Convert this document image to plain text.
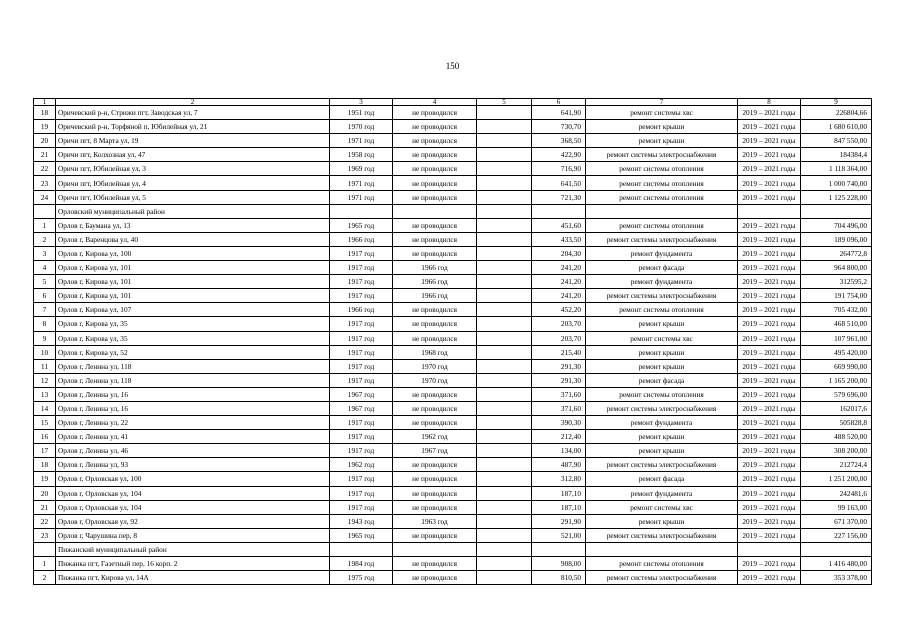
150
1	2	3	4	5	6	7	8	9
18	Оричевский р-н, Стрижи пгт, Заводская ул, 7	1951 год	не проводился		641,90	ремонт системы хвс	2019 – 2021 годы	226804,66
19	Оричевский р-н, Торфяной п, Юбилейная ул, 21	1970 год	не проводился		730,70	ремонт крыши	2019 – 2021 годы	1 680 610,00
20	Оричи пгт, 8 Марта ул, 19	1971 год	не проводился		368,50	ремонт крыши	2019 – 2021 годы	847 550,00
21	Оричи пгт, Колхозная ул, 47	1958 год	не проводился		422,90	ремонт системы электроснабжения	2019 – 2021 годы	184384,4
22	Оричи пгт, Юбилейная ул, 3	1969 год	не проводился		716,90	ремонт системы отопления	2019 – 2021 годы	1 118 364,00
23	Оричи пгт, Юбилейная ул, 4	1971 год	не проводился		641,50	ремонт системы отопления	2019 – 2021 годы	1 000 740,00
24	Оричи пгт, Юбилейная ул, 5	1971 год	не проводился		721,30	ремонт системы отопления	2019 – 2021 годы	1 125 228,00
	Орловский муниципальный район							
1	Орлов г, Баумана ул, 13	1965 год	не проводился		451,60	ремонт системы отопления	2019 – 2021 годы	704 496,00
2	Орлов г, Варенцова ул, 40	1966 год	не проводился		433,50	ремонт системы электроснабжения	2019 – 2021 годы	189 096,00
3	Орлов г, Кирова ул, 100	1917 год	не проводился		204,30	ремонт фундамента	2019 – 2021 годы	264772,8
4	Орлов г, Кирова ул, 101	1917 год	1966 год		241,20	ремонт фасада	2019 – 2021 годы	964 800,00
5	Орлов г, Кирова ул, 101	1917 год	1966 год		241,20	ремонт фундамента	2019 – 2021 годы	312595,2
6	Орлов г, Кирова ул, 101	1917 год	1966 год		241,20	ремонт системы электроснабжения	2019 – 2021 годы	191 754,00
7	Орлов г, Кирова ул, 107	1966 год	не проводился		452,20	ремонт системы отопления	2019 – 2021 годы	705 432,00
8	Орлов г, Кирова ул, 35	1917 год	не проводился		203,70	ремонт крыши	2019 – 2021 годы	468 510,00
9	Орлов г, Кирова ул, 35	1917 год	не проводился		203,70	ремонт системы хвс	2019 – 2021 годы	107 961,00
10	Орлов г, Кирова ул, 52	1917 год	1968 год		215,40	ремонт крыши	2019 – 2021 годы	495 420,00
11	Орлов г, Ленина ул, 118	1917 год	1970 год		291,30	ремонт крыши	2019 – 2021 годы	669 990,00
12	Орлов г, Ленина ул, 118	1917 год	1970 год		291,30	ремонт фасада	2019 – 2021 годы	1 165 200,00
13	Орлов г, Ленина ул, 16	1967 год	не проводился		371,60	ремонт системы отопления	2019 – 2021 годы	579 696,00
14	Орлов г, Ленина ул, 16	1967 год	не проводился		371,60	ремонт системы электроснабжения	2019 – 2021 годы	162017,6
15	Орлов г, Ленина ул, 22	1917 год	не проводился		390,30	ремонт фундамента	2019 – 2021 годы	505828,8
16	Орлов г, Ленина ул, 41	1917 год	1962 год		212,40	ремонт крыши	2019 – 2021 годы	488 520,00
17	Орлов г, Ленина ул, 46	1917 год	1967 год		134,00	ремонт крыши	2019 – 2021 годы	308 200,00
18	Орлов г, Ленина ул, 93	1962 год	не проводился		487,90	ремонт системы электроснабжения	2019 – 2021 годы	212724,4
19	Орлов г, Орловская ул, 100	1917 год	не проводился		312,80	ремонт фасада	2019 – 2021 годы	1 251 200,00
20	Орлов г, Орловская ул, 104	1917 год	не проводился		187,10	ремонт фундамента	2019 – 2021 годы	242481,6
21	Орлов г, Орловская ул, 104	1917 год	не проводился		187,10	ремонт системы хвс	2019 – 2021 годы	99 163,00
22	Орлов г, Орловская ул, 92	1943 год	1963 год		291,90	ремонт крыши	2019 – 2021 годы	671 370,00
23	Орлов г, Чарушина пер, 8	1965 год	не проводился		521,00	ремонт системы электроснабжения	2019 – 2021 годы	227 156,00
	Пижанский муниципальный район							
1	Пижанка пгт, Газетный пер, 16 корп. 2	1984 год	не проводился		908,00	ремонт системы отопления	2019 – 2021 годы	1 416 480,00
2	Пижанка пгт, Кирова ул, 14А	1975 год	не проводился		810,50	ремонт системы электроснабжения	2019 – 2021 годы	353 378,00
